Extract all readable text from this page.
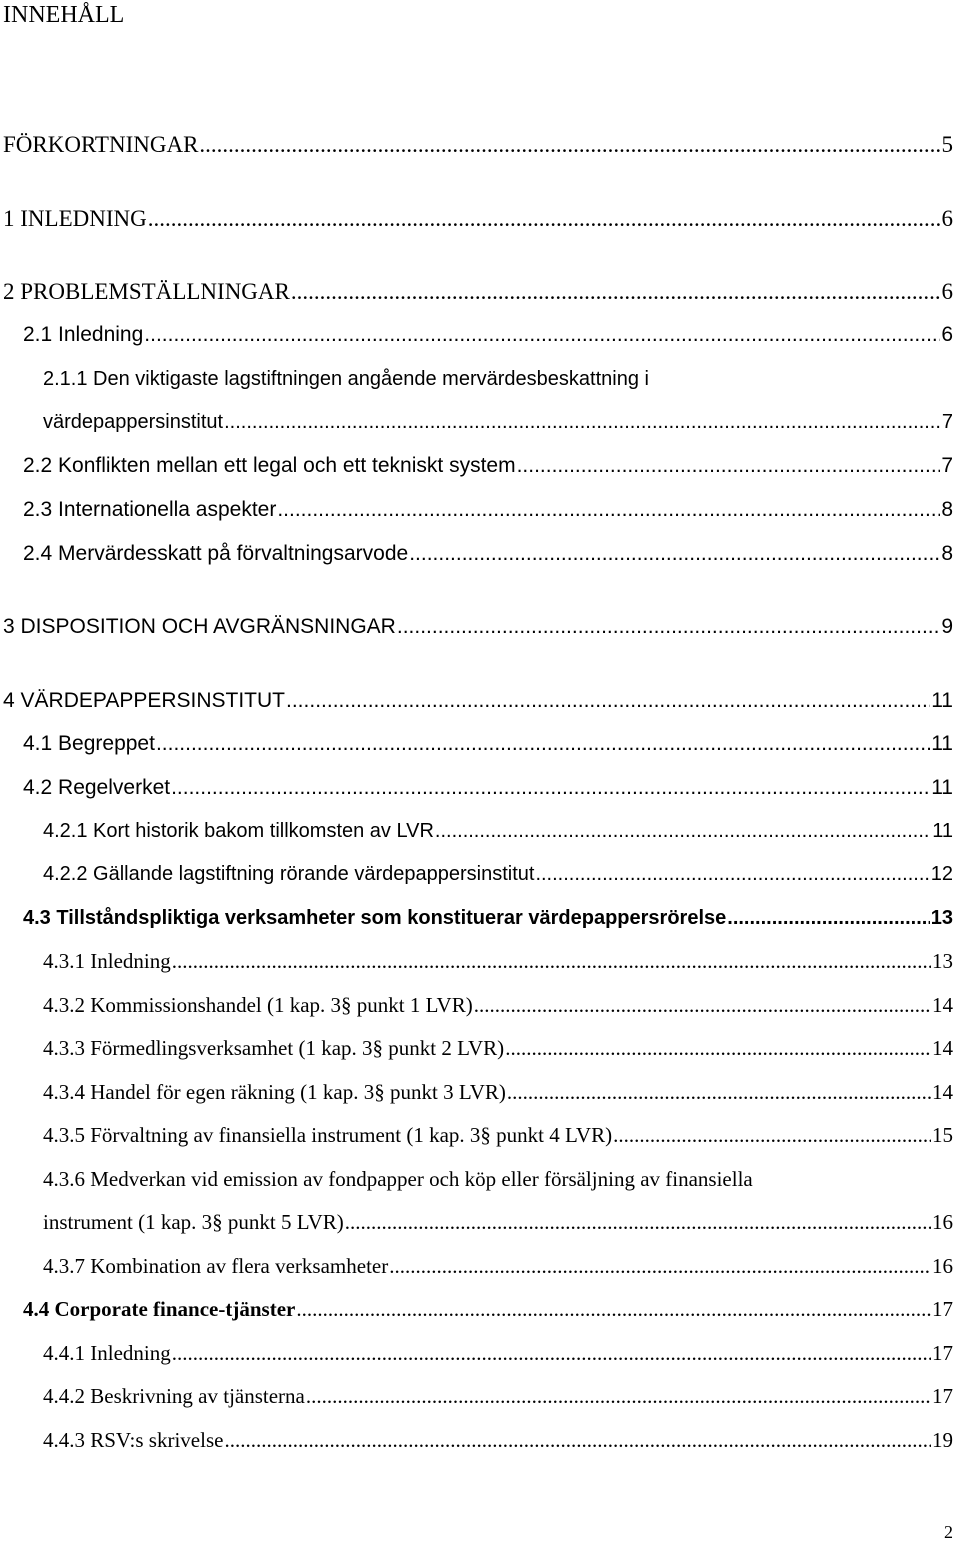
INNEHÅLL
FÖRKORTNINGAR .....	5
1 INLEDNING .....	6
2 PROBLEMSTÄLLNINGAR .....	6
2.1 Inledning .....	6
2.1.1 Den viktigaste lagstiftningen angående mervärdesbeskattning i
värdepappersinstitut .....	7
2.2 Konflikten mellan ett legal och ett tekniskt system .....	7
2.3 Internationella aspekter .....	8
2.4 Mervärdesskatt på förvaltningsarvode .....	8
3 DISPOSITION OCH AVGRÄNSNINGAR .....	9
4 VÄRDEPAPPERSINSTITUT .....	11
4.1 Begreppet .....	11
4.2 Regelverket .....	11
4.2.1 Kort historik bakom tillkomsten av LVR .....	11
4.2.2 Gällande lagstiftning rörande värdepappersinstitut .....	12
4.3 Tillståndspliktiga verksamheter som konstituerar värdepappersrörelse .....	13
4.3.1 Inledning .....	13
4.3.2 Kommissionshandel (1 kap. 3§ punkt 1 LVR) .....	14
4.3.3 Förmedlingsverksamhet (1 kap. 3§ punkt 2 LVR) .....	14
4.3.4 Handel för egen räkning (1 kap. 3§ punkt 3 LVR) .....	14
4.3.5 Förvaltning av finansiella instrument (1 kap. 3§ punkt 4 LVR) .....	15
4.3.6 Medverkan vid emission av fondpapper och köp eller försäljning av finansiella
instrument (1 kap. 3§ punkt 5 LVR) .....	16
4.3.7 Kombination av flera verksamheter .....	16
4.4 Corporate finance-tjänster .....	17
4.4.1 Inledning .....	17
4.4.2 Beskrivning av tjänsterna .....	17
4.4.3 RSV:s skrivelse .....	19
2
